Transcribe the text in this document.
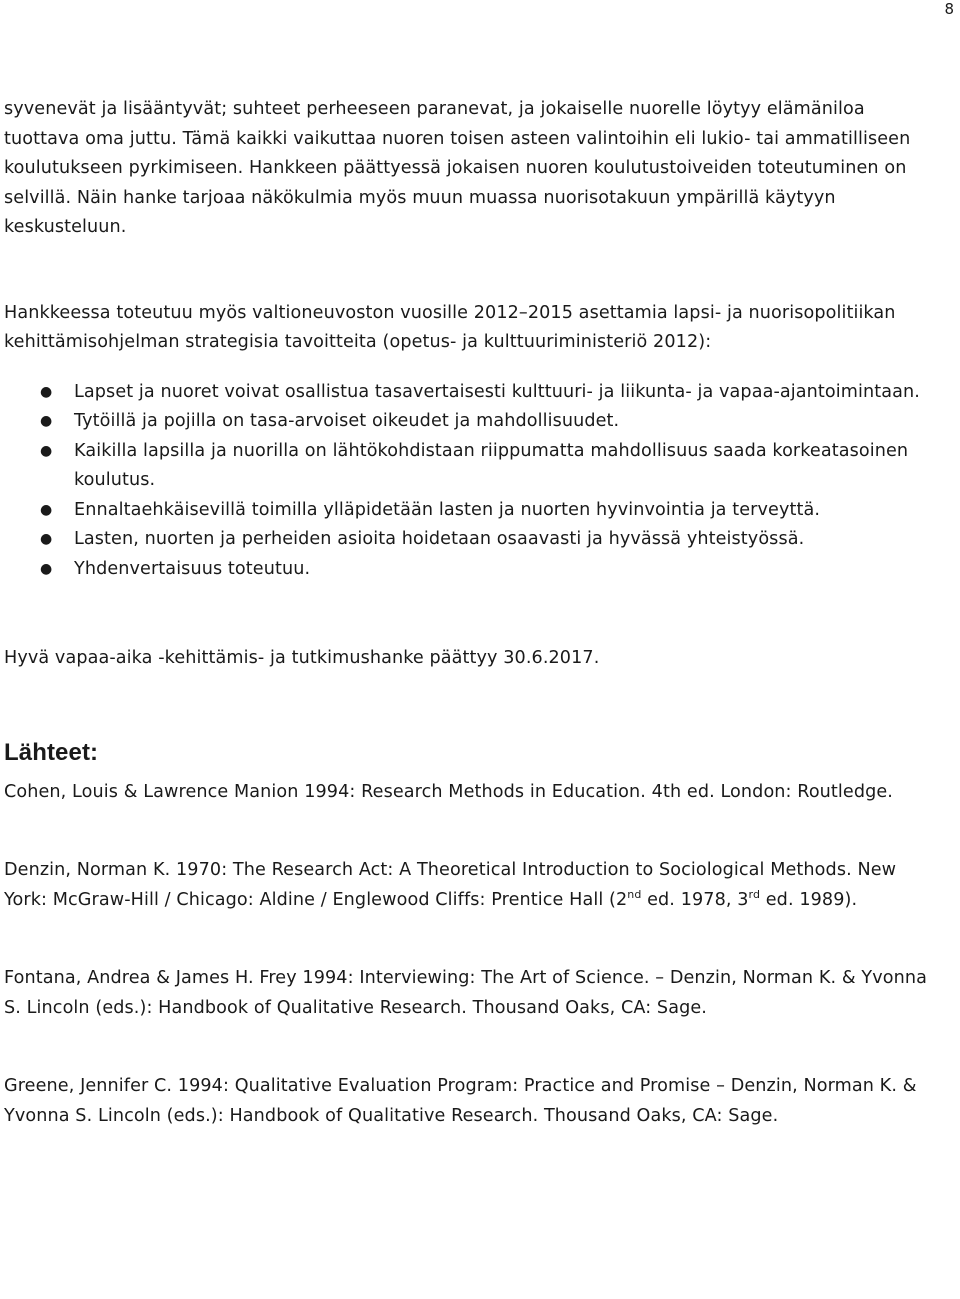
8

syvenevät ja lisääntyvät; suhteet perheeseen paranevat, ja jokaiselle nuorelle löytyy elämäniloa tuottava oma juttu. Tämä kaikki vaikuttaa nuoren toisen asteen valintoihin eli lukio- tai ammatilliseen koulutukseen pyrkimiseen. Hankkeen päättyessä jokaisen nuoren koulutustoiveiden toteutuminen on selvillä. Näin hanke tarjoaa näkökulmia myös muun muassa nuorisotakuun ympärillä käytyyn keskusteluun.

Hankkeessa toteutuu myös valtioneuvoston vuosille 2012–2015 asettamia lapsi- ja nuorisopolitiikan kehittämisohjelman strategisia tavoitteita (opetus- ja kulttuuriministeriö 2012):

● Lapset ja nuoret voivat osallistua tasavertaisesti kulttuuri- ja liikunta- ja vapaa-ajantoimintaan.
● Tytöillä ja pojilla on tasa-arvoiset oikeudet ja mahdollisuudet.
● Kaikilla lapsilla ja nuorilla on lähtökohdistaan riippumatta mahdollisuus saada korkeatasoinen koulutus.
● Ennaltaehkäisevillä toimilla ylläpidetään lasten ja nuorten hyvinvointia ja terveyttä.
● Lasten, nuorten ja perheiden asioita hoidetaan osaavasti ja hyvässä yhteistyössä.
● Yhdenvertaisuus toteutuu.

Hyvä vapaa-aika -kehittämis- ja tutkimushanke päättyy 30.6.2017.

Lähteet:

Cohen, Louis & Lawrence Manion 1994: Research Methods in Education. 4th ed. London: Routledge.

Denzin, Norman K. 1970: The Research Act: A Theoretical Introduction to Sociological Methods. New York: McGraw-Hill / Chicago: Aldine / Englewood Cliffs: Prentice Hall (2nd ed. 1978, 3rd ed. 1989).

Fontana, Andrea & James H. Frey 1994: Interviewing: The Art of Science. – Denzin, Norman K. & Yvonna S. Lincoln (eds.): Handbook of Qualitative Research. Thousand Oaks, CA: Sage.

Greene, Jennifer C. 1994: Qualitative Evaluation Program: Practice and Promise – Denzin, Norman K. & Yvonna S. Lincoln (eds.): Handbook of Qualitative Research. Thousand Oaks, CA: Sage.
